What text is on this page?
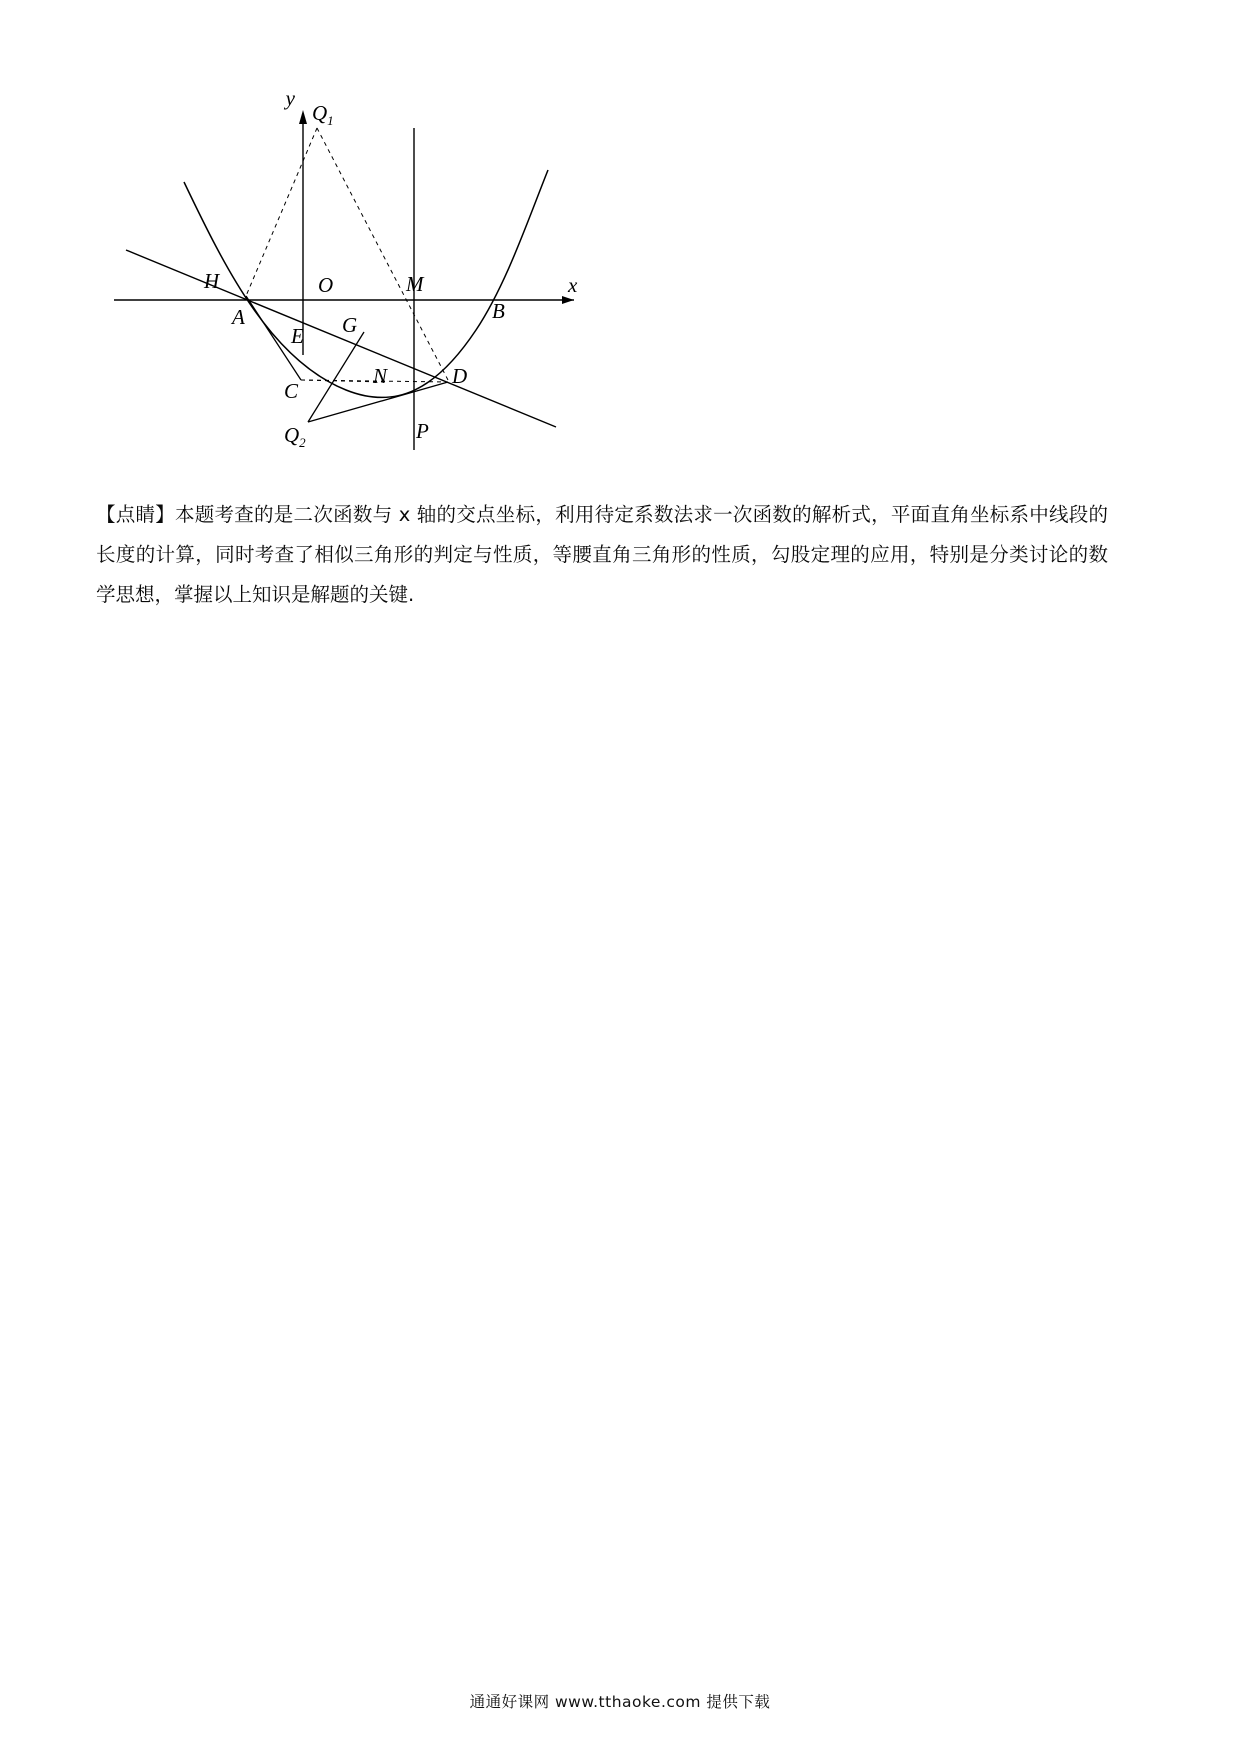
y
x
$Q_1$
H	O	M
A	B
E G
C
N	D
$Q_2$	P
【点睛】本题考查的是二次函数与 x 轴的交点坐标，利用待定系数法求一次函数的解析式，平面直角坐标系中线段的长度的计算，同时考查了相似三角形的判定与性质，等腰直角三角形的性质，勾股定理的应用，特别是分类讨论的数学思想，掌握以上知识是解题的关键.
通通好课网 www.tthaoke.com 提供下载
